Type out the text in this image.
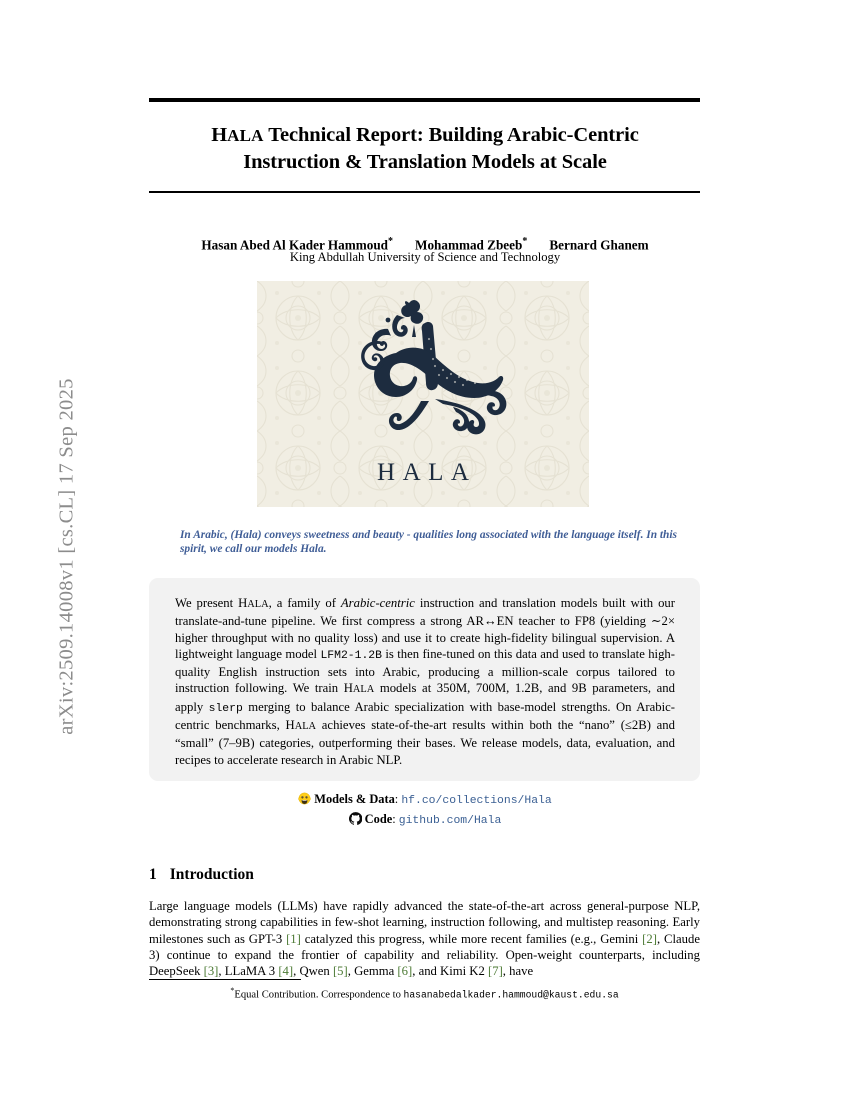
arXiv:2509.14008v1 [cs.CL] 17 Sep 2025
HALA Technical Report: Building Arabic-Centric
Instruction & Translation Models at Scale
Hasan Abed Al Kader Hammoud* Mohammad Zbeeb* Bernard Ghanem
King Abdullah University of Science and Technology
HALA
In Arabic, (Hala) conveys sweetness and beauty - qualities long associated with the language itself. In this spirit, we call our models Hala.
We present HALA, a family of Arabic-centric instruction and translation models built with our translate-and-tune pipeline. We first compress a strong AR↔EN teacher to FP8 (yielding ∼2× higher throughput with no quality loss) and use it to create high-fidelity bilingual supervision. A lightweight language model LFM2-1.2B is then fine-tuned on this data and used to translate high-quality English instruction sets into Arabic, producing a million-scale corpus tailored to instruction following. We train HALA models at 350M, 700M, 1.2B, and 9B parameters, and apply slerp merging to balance Arabic specialization with base-model strengths. On Arabic-centric benchmarks, HALA achieves state-of-the-art results within both the “nano” (≤2B) and “small” (7–9B) categories, outperforming their bases. We release models, data, evaluation, and recipes to accelerate research in Arabic NLP.
Models & Data: hf.co/collections/Hala
Code: github.com/Hala
1 Introduction
Large language models (LLMs) have rapidly advanced the state-of-the-art across general-purpose NLP, demonstrating strong capabilities in few-shot learning, instruction following, and multistep reasoning. Early milestones such as GPT-3 [1] catalyzed this progress, while more recent families (e.g., Gemini [2], Claude 3) continue to expand the frontier of capability and reliability. Open-weight counterparts, including DeepSeek [3], LLaMA 3 [4], Qwen [5], Gemma [6], and Kimi K2 [7], have
*Equal Contribution. Correspondence to hasanabedalkader.hammoud@kaust.edu.sa
